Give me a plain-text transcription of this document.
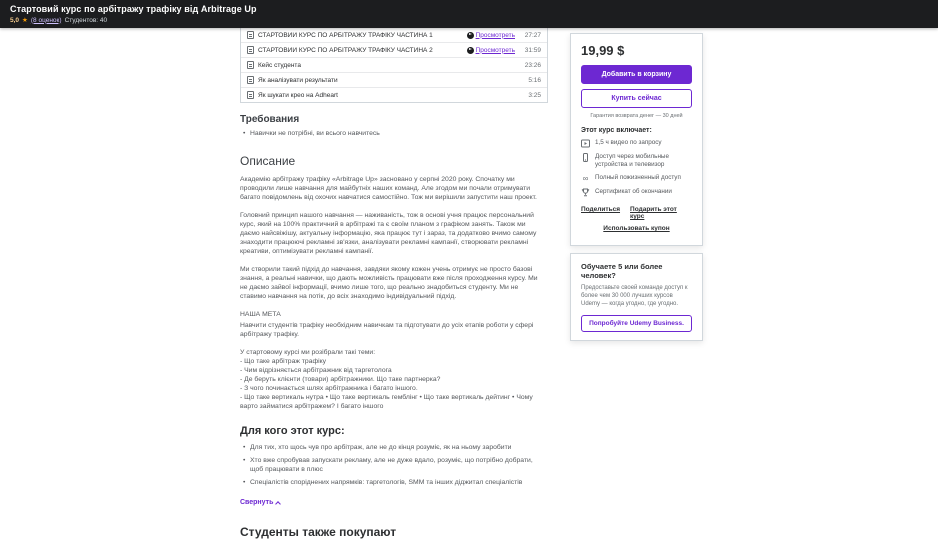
Стартовий курс по арбітражу трафіку від Arbitrage Up
5,0 ★ (8 оценок) Студентов: 40
СТАРТОВИЙ КУРС ПО АРБІТРАЖУ ТРАФІКУ ЧАСТИНА 1	Просмотреть	27:27
СТАРТОВИЙ КУРС ПО АРБІТРАЖУ ТРАФІКУ ЧАСТИНА 2	Просмотреть	31:59
Кейс студента	23:26
Як аналізувати результати	5:16
Як шукати крео на Adheart	3:25
Требования
• Навички не потрібні, ви всього навчитесь
Описание
Академію арбітражу трафіку «Arbitrage Up» засновано у серпні 2020 року. Спочатку ми проводили лише навчання для майбутніх наших команд. Але згодом ми почали отримувати багато повідомлень від охочих навчатися самостійно. Тож ми вирішили запустити наш проект.
Головний принцип нашого навчання — наживаність, тож в основі учня працює персональний курс, який на 100% практичний в арбітражі та є своїм планом з графіком занять. Також ми даємо найсвіжішу, актуальну інформацію, яка працює тут і зараз, та додатково вчимо самому знаходити працюючі рекламні зв'язки, аналізувати рекламні кампанії, створювати рекламні креативи, оптимізувати рекламні кампанії.
Ми створили такий підхід до навчання, завдяки якому кожен учень отримує не просто базові знання, а реальні навички, що дають можливість працювати вже після проходження курсу. Ми не даємо зайвої інформації, вчимо лише того, що реально знадобиться студенту. Ми не ставимо навчання на потік, до всіх знаходимо індивідуальний підхід.
НАША МЕТА
Навчити студентів трафіку необхідним навичкам та підготувати до усіх етапів роботи у сфері арбітражу трафіку.
У стартовому курсі ми розібрали такі теми:
- Що таке арбітраж трафіку
- Чим відрізняється арбітражник від таргетолога
- Де беруть клієнти (товари) арбітражники. Що таке партнерка?
- З чого починається шлях арбітражника і багато іншого.
- Що таке вертикаль нутра • Що таке вертикаль гемблінг • Що таке вертикаль дейтинг • Чому варто займатися арбітражем? І багато іншого
Для кого этот курс:
• Для тих, хто щось чув про арбітраж, але не до кінця розуміє, як на ньому заробити
• Хто вже спробував запускати рекламу, але не дуже вдало, розуміє, що потрібно добрати, щоб працювати в плюс
• Спеціалістів споріднених напрямків: таргетологів, SMM та інших діджитал спеціалістів
Свернуть
Студенты также покупают
19,99 $
Добавить в корзину
Купить сейчас
Гарантия возврата денег — 30 дней
Этот курс включает:
1,5 ч видео по запросу
Доступ через мобильные устройства и телевизор
∞ Полный пожизненный доступ
Сертификат об окончании
Поделиться Подарить этот курс
Использовать купон
Обучаете 5 или более человек?
Предоставьте своей команде доступ к более чем 30 000 лучших курсов Udemy — когда угодно, где угодно.
Попробуйте Udemy Business.
